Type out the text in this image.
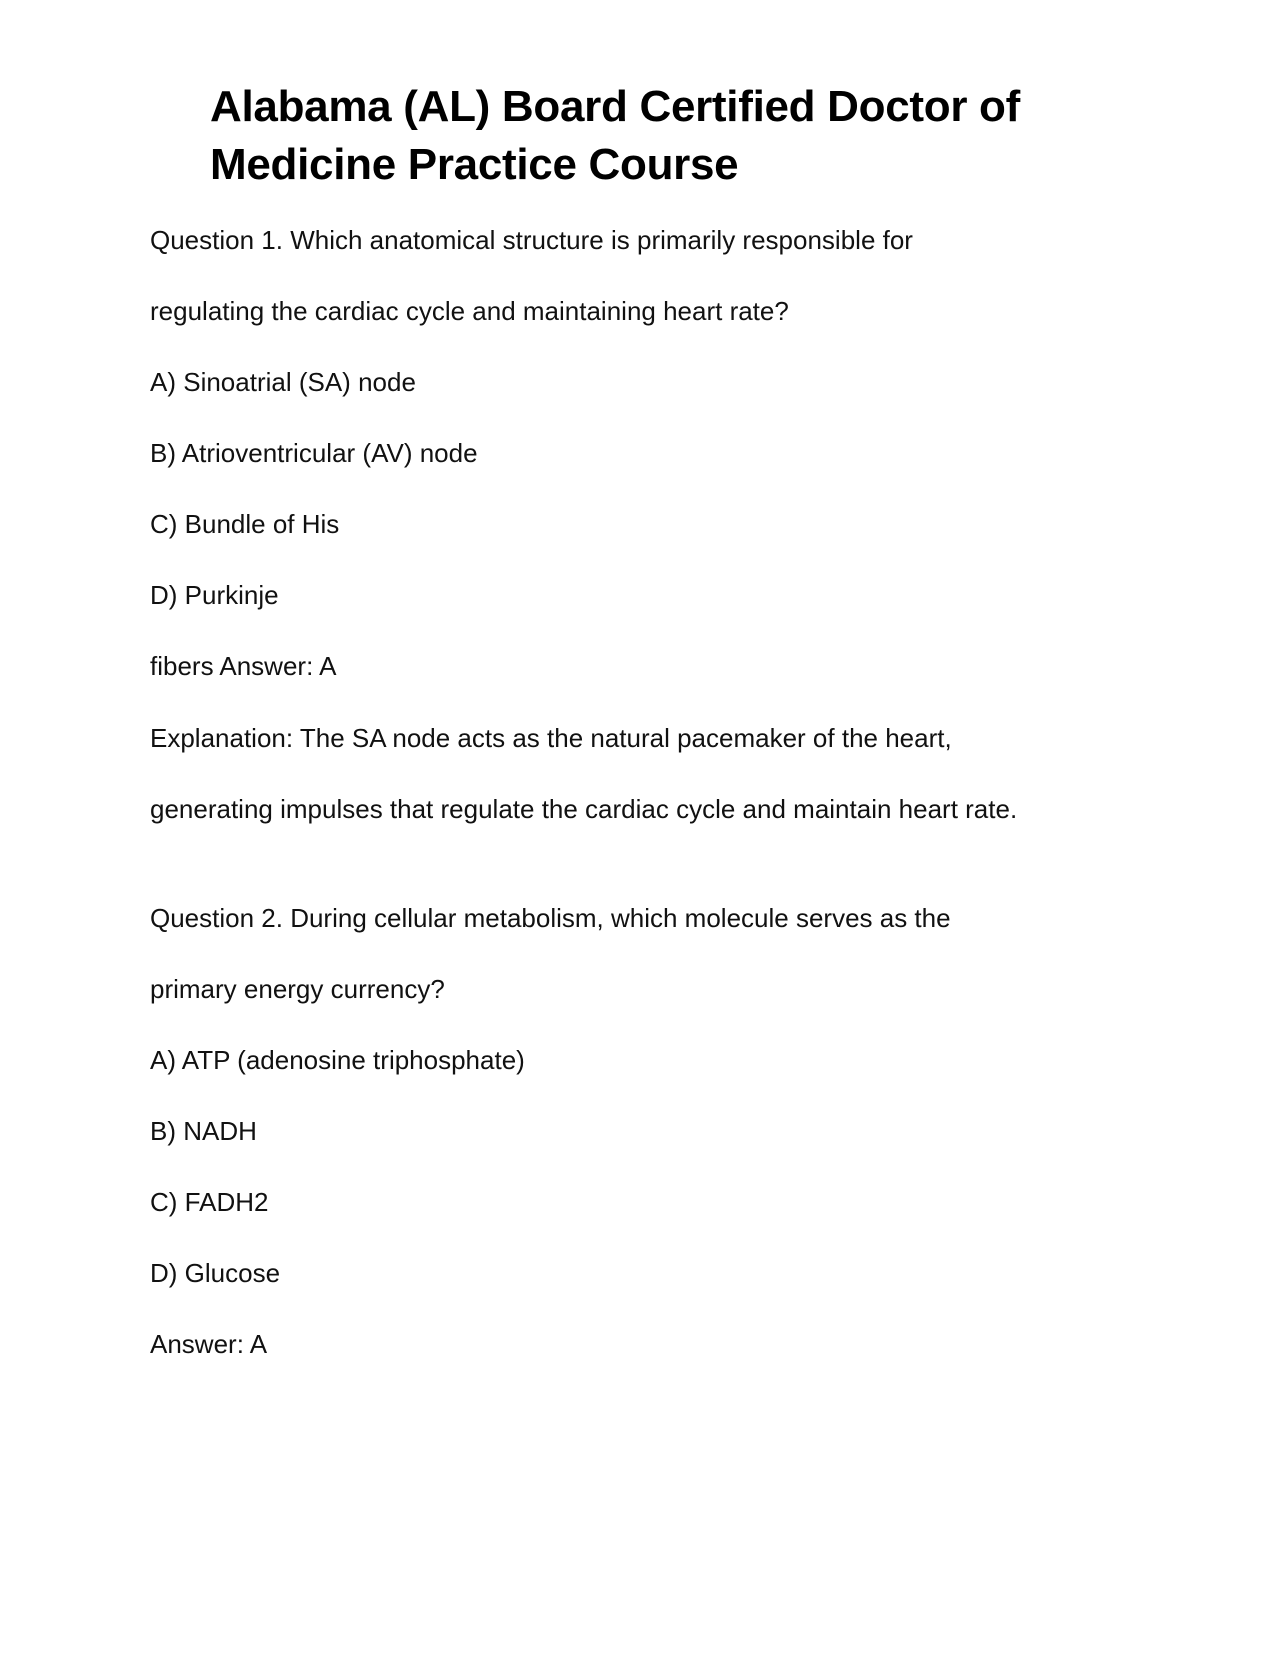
Alabama (AL) Board Certified Doctor of Medicine Practice Course

Question 1. Which anatomical structure is primarily responsible for

regulating the cardiac cycle and maintaining heart rate?

A) Sinoatrial (SA) node

B) Atrioventricular (AV) node

C) Bundle of His

D) Purkinje

fibers Answer: A

Explanation: The SA node acts as the natural pacemaker of the heart,

generating impulses that regulate the cardiac cycle and maintain heart rate.

Question 2. During cellular metabolism, which molecule serves as the

primary energy currency?

A) ATP (adenosine triphosphate)

B) NADH

C) FADH2

D) Glucose

Answer: A
